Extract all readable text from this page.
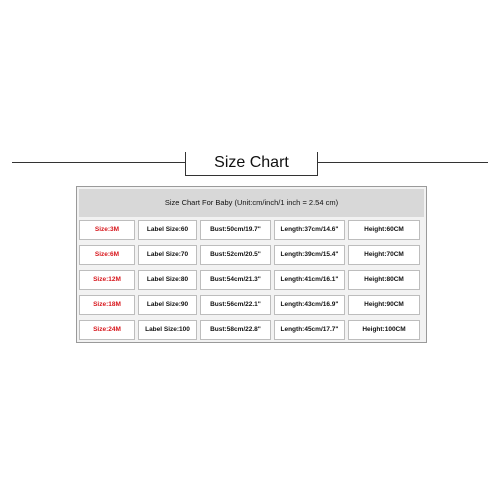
Size Chart
Size Chart For Baby (Unit:cm/inch/1 inch = 2.54 cm)
Size:3M	Label Size:60	Bust:50cm/19.7"	Length:37cm/14.6"	Height:60CM
Size:6M	Label Size:70	Bust:52cm/20.5"	Length:39cm/15.4"	Height:70CM
Size:12M	Label Size:80	Bust:54cm/21.3"	Length:41cm/16.1"	Height:80CM
Size:18M	Label Size:90	Bust:56cm/22.1"	Length:43cm/16.9"	Height:90CM
Size:24M	Label Size:100	Bust:58cm/22.8"	Length:45cm/17.7"	Height:100CM
